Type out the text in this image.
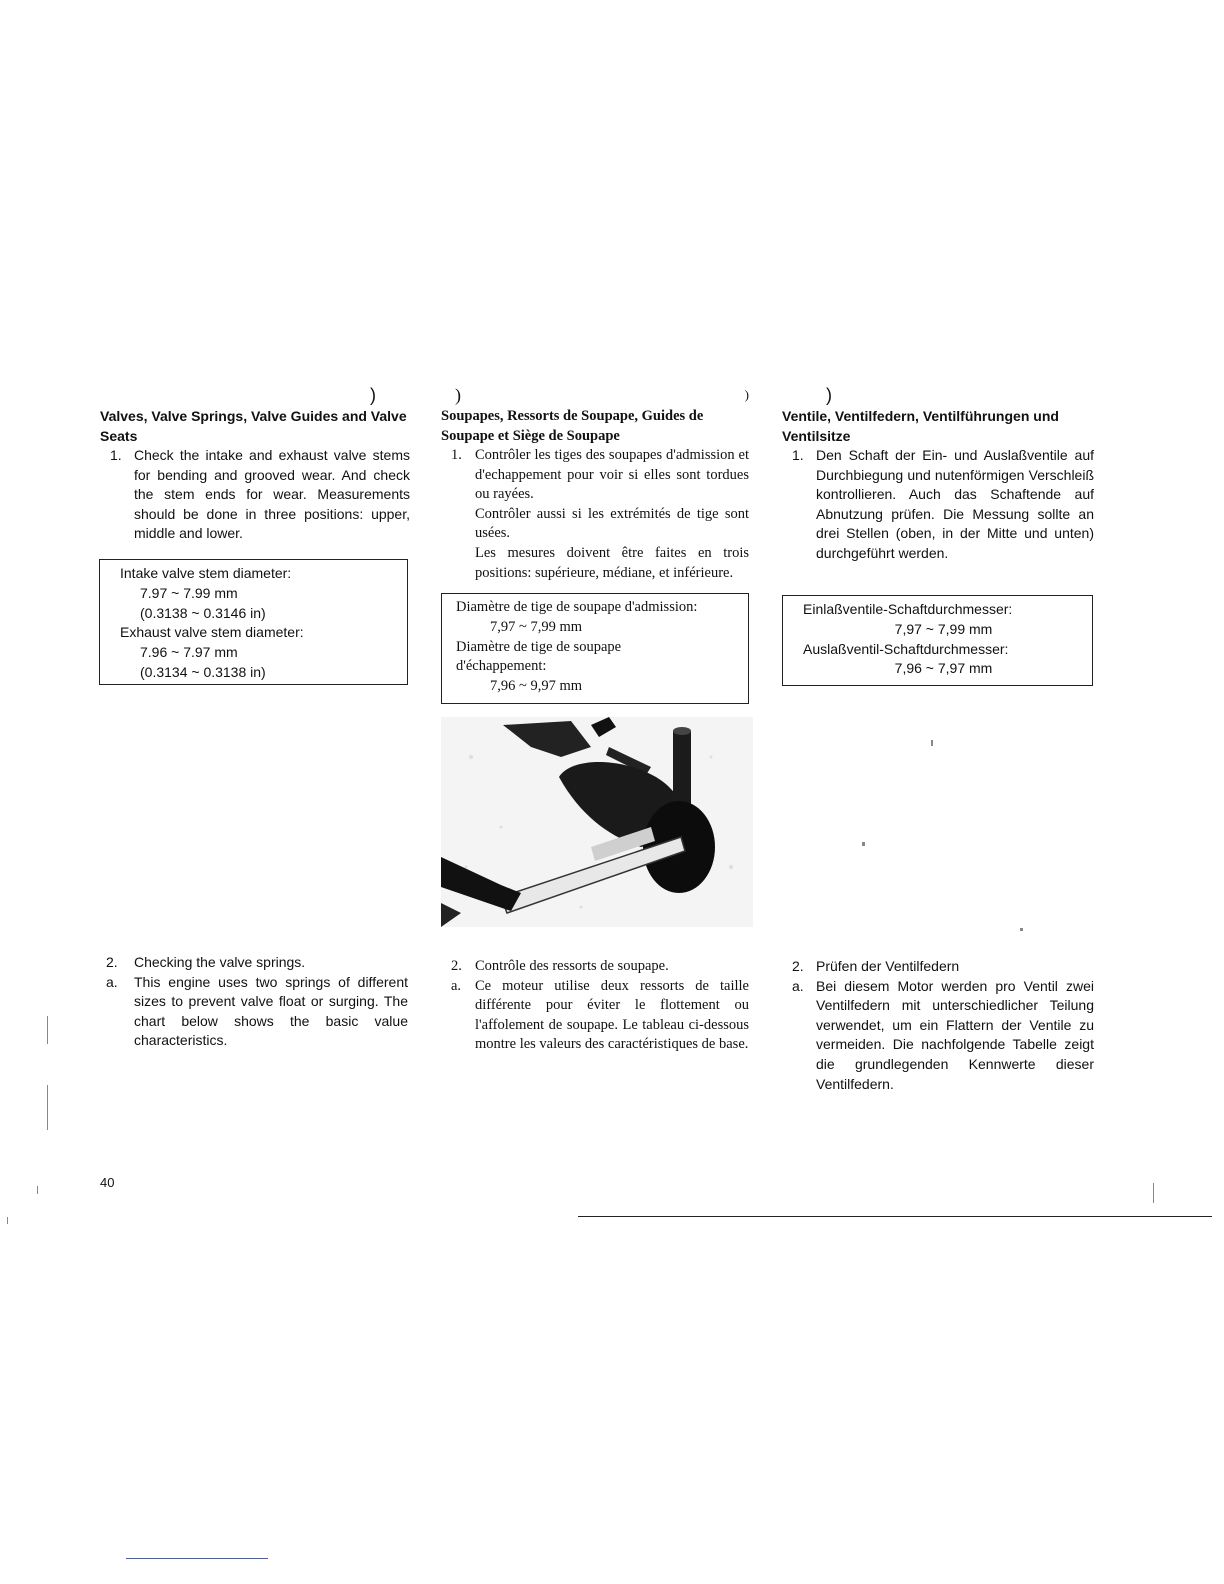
)
Valves, Valve Springs, Valve Guides and Valve Seats
1. Check the intake and exhaust valve stems for bending and grooved wear. And check the stem ends for wear. Measurements should be done in three positions: upper, middle and lower.
Intake valve stem diameter:
7.97 ~ 7.99 mm
(0.3138 ~ 0.3146 in)
Exhaust valve stem diameter:
7.96 ~ 7.97 mm
(0.3134 ~ 0.3138 in)
2.	Checking the valve springs.
a.	This engine uses two springs of different sizes to prevent valve float or surging. The chart below shows the basic value characteristics.
)	)
Soupapes, Ressorts de Soupape, Guides de Soupape et Siège de Soupape
1. Contrôler les tiges des soupapes d'admission et d'echappement pour voir si elles sont tordues ou rayées.
Contrôler aussi si les extrémités de tige sont usées.
Les mesures doivent être faites en trois positions: supérieure, médiane, et inférieure.
Diamètre de tige de soupape d'admission:
7,97 ~ 7,99 mm
Diamètre de tige de soupape d'échappement:
7,96 ~ 9,97 mm
2. Contrôle des ressorts de soupape.
a. Ce moteur utilise deux ressorts de taille différente pour éviter le flottement ou l'affolement de soupape. Le tableau ci-dessous montre les valeurs des caractéristiques de base.
)
Ventile, Ventilfedern, Ventilführungen und Ventilsitze
1. Den Schaft der Ein- und Auslaßventile auf Durchbiegung und nutenförmigen Verschleiß kontrollieren. Auch das Schaftende auf Abnutzung prüfen. Die Messung sollte an drei Stellen (oben, in der Mitte und unten) durchgeführt werden.
Einlaßventile-Schaftdurchmesser:
7,97 ~ 7,99 mm
Auslaßventil-Schaftdurchmesser:
7,96 ~ 7,97 mm
2. Prüfen der Ventilfedern
a. Bei diesem Motor werden pro Ventil zwei Ventilfedern mit unterschiedlicher Teilung verwendet, um ein Flattern der Ventile zu vermeiden. Die nachfolgende Tabelle zeigt die grundlegenden Kennwerte dieser Ventilfedern.
40
